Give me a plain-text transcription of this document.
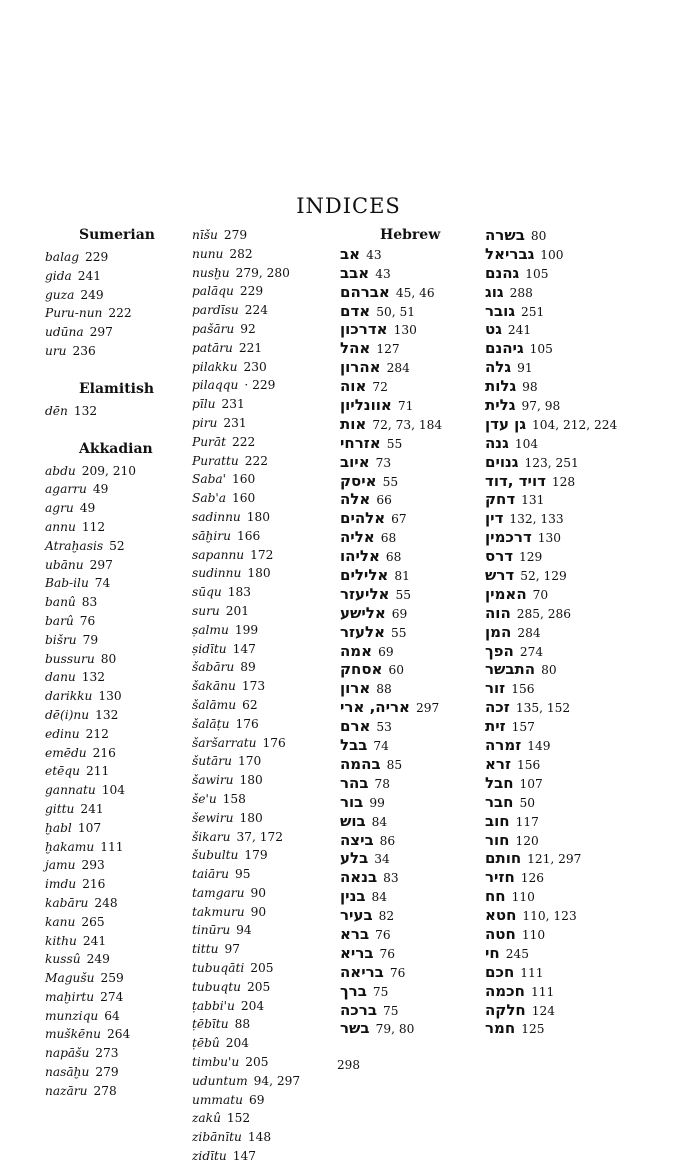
INDICES
Sumerian
balag 229
gida 241
guza 249
Puru-nun 222
udūna 297
uru 236
Elamitish
dēn 132
Akkadian
abdu 209, 210
agarru 49
agru 49
annu 112
Atraḫasis 52
ubānu 297
Bab-ilu 74
banû 83
barû 76
bišru 79
bussuru 80
danu 132
darikku 130
dē(i)nu 132
edinu 212
emēdu 216
etēqu 211
gannatu 104
gittu 241
ḫabl 107
ḫakamu 111
jamu 293
imdu 216
kabāru 248
kanu 265
kithu 241
kussû 249
Magušu 259
maḫirtu 274
munziqu 64
muškēnu 264
napāšu 273
nasāḫu 279
nazāru 278
nīšu 279
nunu 282
nusḫu 279, 280
palāqu 229
pardīsu 224
pašāru 92
patāru 221
pilakku 230
pilaqqu · 229
pīlu 231
piru 231
Purāt 222
Purattu 222
Saba' 160
Sab'a 160
sadinnu 180
sāḫiru 166
sapannu 172
sudinnu 180
sūqu 183
suru 201
ṣalmu 199
ṣidītu 147
šabāru 89
šakānu 173
šalāmu 62
šalāṭu 176
šaršarratu 176
šutāru 170
šawiru 180
še'u 158
šewiru 180
šikaru 37, 172
šubultu 179
taiāru 95
tamgaru 90
takmuru 90
tinūru 94
tittu 97
tubuqāti 205
tubuqtu 205
ṭabbi'u 204
ṭēbītu 88
ṭēbû 204
timbu'u 205
uduntum 94, 297
ummatu 69
zakû 152
zibānītu 148
zidītu 147
Hebrew
אב 43
אבב 43
אברהם 45, 46
אדם 50, 51
אדרכון 130
אהל 127
אהרון 284
אוה 72
אוונליון 71
אות 72, 73, 184
אזרחי 55
איוב 73
איסק 55
אלה 66
אלהים 67
אליה 68
אליהו 68
אלילים 81
אליעזר 55
אלישע 69
אלעזר 55
אמה 69
אסחק 60
ארון 88
אריה, ארי 297
ארם 53
בבל 74
בהמה 85
בהר 78
בור 99
בוש 84
ביצה 86
בלע 34
בנאה 83
בנין 84
בעיר 82
ברא 76
בריא 76
בריאה 76
ברך 75
ברכה 75
בשר 79, 80
בשרה 80
גבריאל 100
גהנם 105
גוג 288
גובר 251
גט 241
גיהנם 105
גלה 91
גלות 98
גלית 97, 98
גן עדן 104, 212, 224
גנה 104
גנוים 123, 251
דויד ,דוד 128
דחק 131
דין 132, 133
דרכמין 130
דרס 129
דרש 52, 129
האמין 70
הוה 285, 286
המן 284
הפך 274
התבשר 80
זור 156
זכה 135, 152
זית 157
זמרה 149
זרא 156
חבל 107
חבר 50
חוב 117
חור 120
חותם 121, 297
חזיר 126
חח 110
חטא 110, 123
חטה 110
חי 245
חכם 111
חכמה 111
חלקה 124
חמר 125
298
